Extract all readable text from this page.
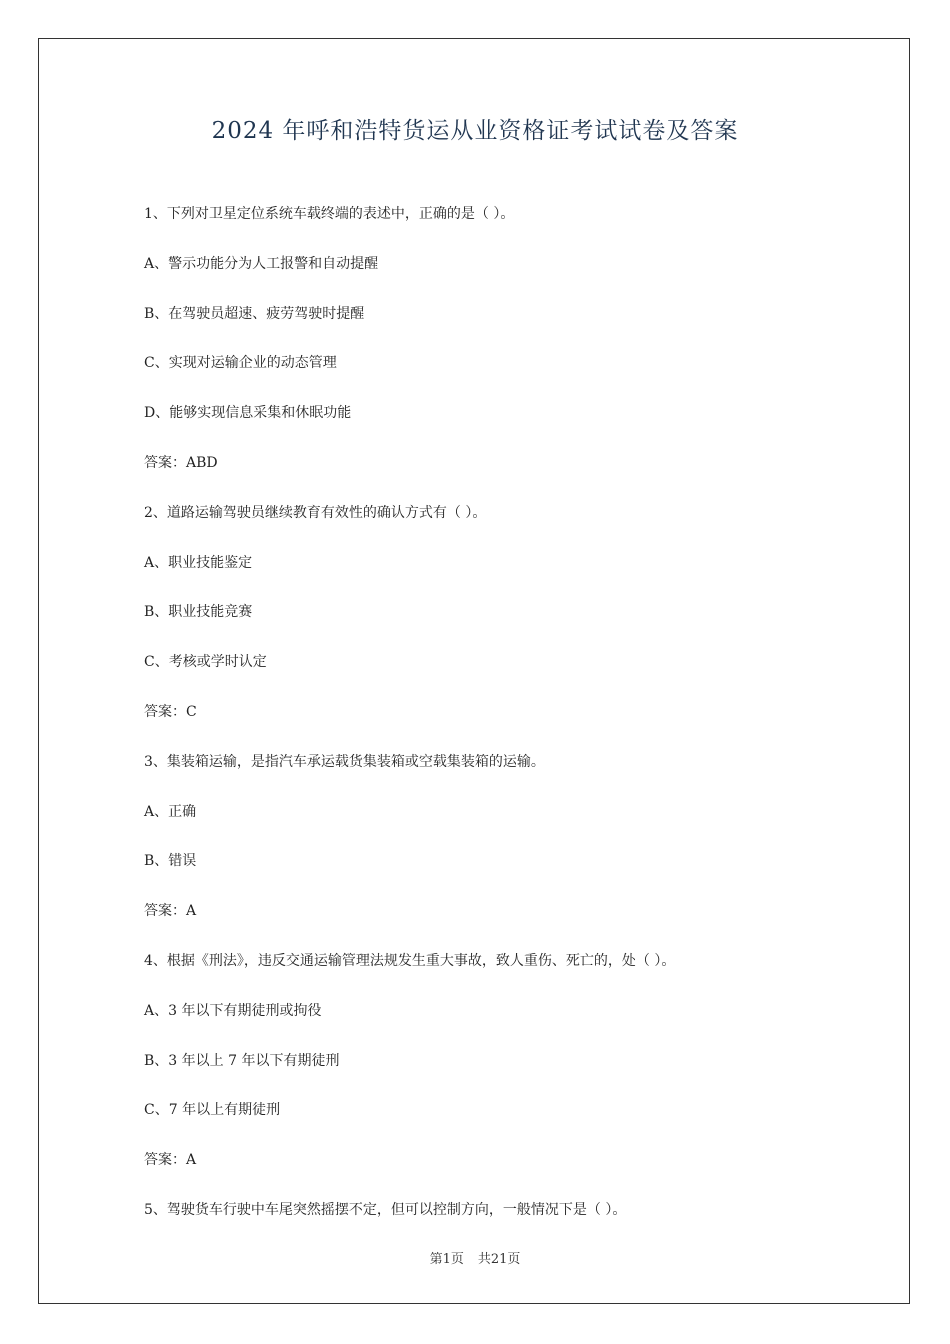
2024 年呼和浩特货运从业资格证考试试卷及答案
1、下列对卫星定位系统车载终端的表述中，正确的是（ ）。
A、警示功能分为人工报警和自动提醒
B、在驾驶员超速、疲劳驾驶时提醒
C、实现对运输企业的动态管理
D、能够实现信息采集和休眠功能
答案：ABD
2、道路运输驾驶员继续教育有效性的确认方式有（ ）。
A、职业技能鉴定
B、职业技能竞赛
C、考核或学时认定
答案：C
3、集装箱运输，是指汽车承运载货集装箱或空载集装箱的运输。
A、正确
B、错误
答案：A
4、根据《刑法》，违反交通运输管理法规发生重大事故，致人重伤、死亡的，处（ ）。
A、3 年以下有期徒刑或拘役
B、3 年以上 7 年以下有期徒刑
C、7 年以上有期徒刑
答案：A
5、驾驶货车行驶中车尾突然摇摆不定，但可以控制方向，一般情况下是（ ）。
第1页 共21页
